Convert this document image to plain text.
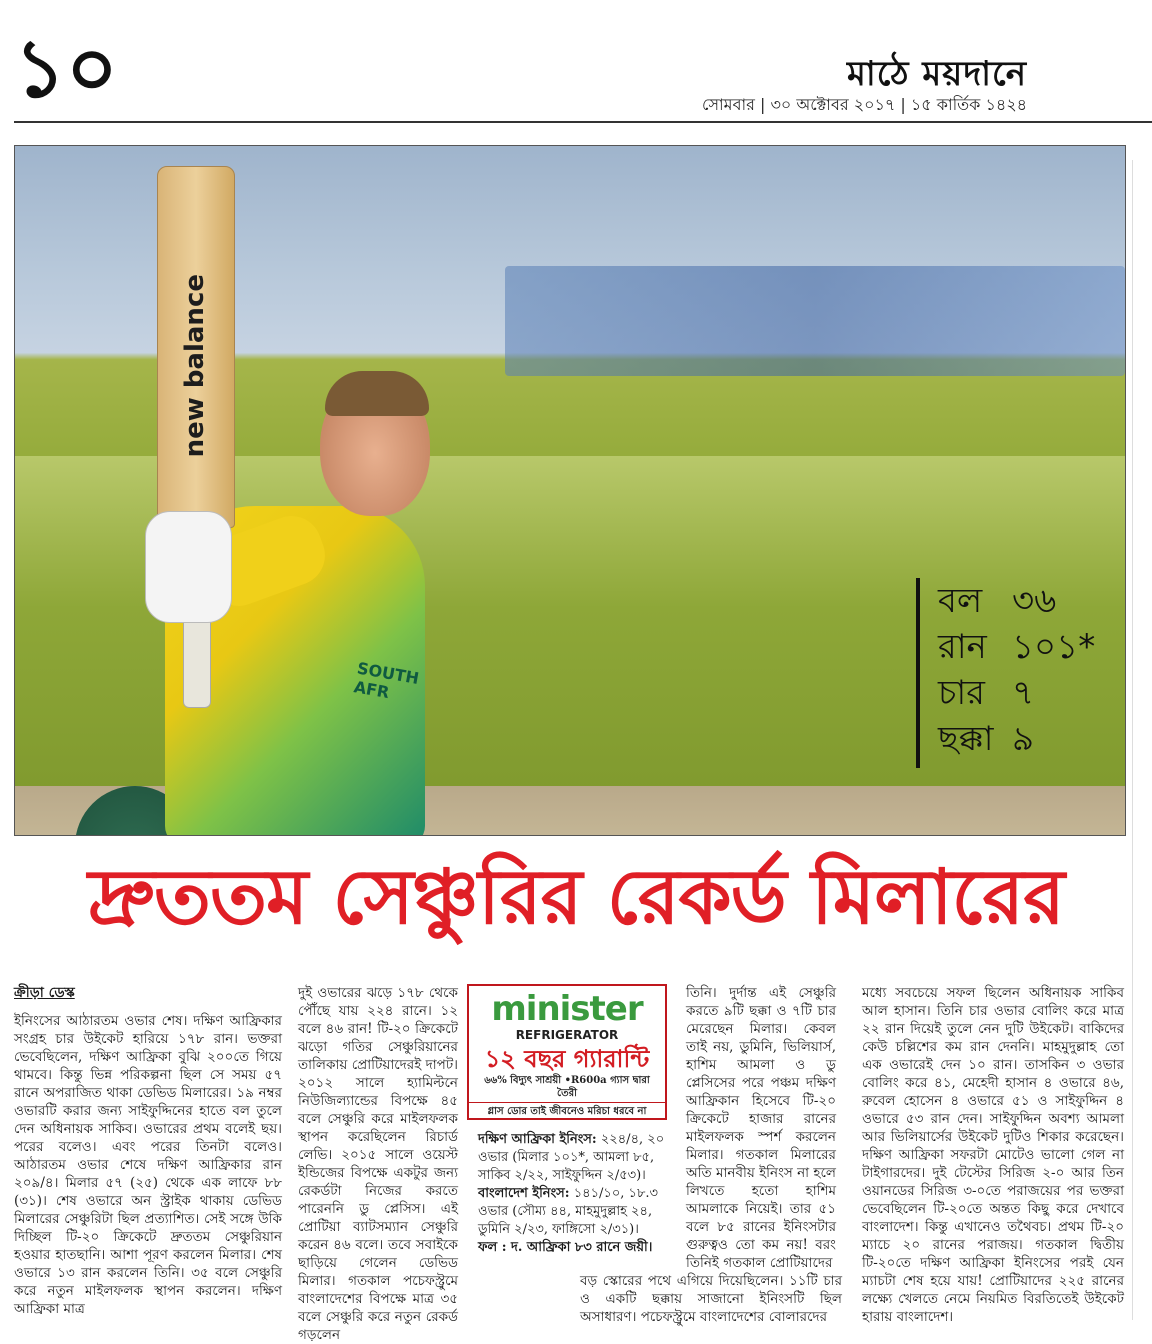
১০	মাঠে ময়দানে
সোমবার | ৩০ অক্টোবর ২০১৭ | ১৫ কার্তিক ১৪২৪
SOUTH AFR
new balance
বল ৩৬
রান ১০১*
চার ৭
ছক্কা ৯
দ্রুততম সেঞ্চুরির রেকর্ড মিলারের
ক্রীড়া ডেস্ক

ইনিংসের আঠারতম ওভার শেষ। দক্ষিণ আফ্রিকার সংগ্রহ চার উইকেট হারিয়ে ১৭৮ রান। ভক্তরা ভেবেছিলেন, দক্ষিণ আফ্রিকা বুঝি ২০০তে গিয়ে থামবে। কিন্তু ভিন্ন পরিকল্পনা ছিল সে সময় ৫৭ রানে অপরাজিত থাকা ডেভিড মিলারের। ১৯ নম্বর ওভারটি করার জন্য সাইফুদ্দিনের হাতে বল তুলে দেন অধিনায়ক সাকিব। ওভারের প্রথম বলেই ছয়। পরের বলেও। এবং পরের তিনটা বলেও। আঠারতম ওভার শেষে দক্ষিণ আফ্রিকার রান ২০৯/৪। মিলার ৫৭ (২৫) থেকে এক লাফে ৮৮ (৩১)। শেষ ওভারে অন স্ট্রাইক থাকায় ডেভিড মিলারের সেঞ্চুরিটা ছিল প্রত্যাশিত। সেই সঙ্গে উকি দিচ্ছিল টি-২০ ক্রিকেটে দ্রুততম সেঞ্চুরিয়ান হওয়ার হাতছানি। আশা পূরণ করলেন মিলার। শেষ ওভারে ১৩ রান করলেন তিনি। ৩৫ বলে সেঞ্চুরি করে নতুন মাইলফলক স্থাপন করলেন। দক্ষিণ আফ্রিকা মাত্র

দুই ওভারের ঝড়ে ১৭৮ থেকে পৌঁছে যায় ২২৪ রানে। ১২ বলে ৪৬ রান! টি-২০ ক্রিকেটে ঝড়ো গতির সেঞ্চুরিয়ানের তালিকায় প্রোটিয়াদেরই দাপট। ২০১২ সালে হ্যামিল্টনে নিউজিল্যান্ডের বিপক্ষে ৪৫ বলে সেঞ্চুরি করে মাইলফলক স্থাপন করেছিলেন রিচার্ড লেভি। ২০১৫ সালে ওয়েস্ট ইন্ডিজের বিপক্ষে একটুর জন্য রেকর্ডটা নিজের করতে পারেননি ডু প্লেসিস। এই প্রোটিয়া ব্যাটসম্যান সেঞ্চুরি করেন ৪৬ বলে। তবে সবাইকে ছাড়িয়ে গেলেন ডেভিড মিলার। গতকাল পচেফস্ট্রুমে বাংলাদেশের বিপক্ষে মাত্র ৩৫ বলে সেঞ্চুরি করে নতুন রেকর্ড গড়লেন

minister
REFRIGERATOR
১২ বছর গ্যারান্টি
৬৬% বিদ্যুৎ সাশ্রয়ী •R600a গ্যাস দ্বারা তৈরী
গ্লাস ডোর তাই জীবনেও মরিচা ধরবে না

দক্ষিণ আফ্রিকা ইনিংস: ২২৪/৪, ২০ ওভার (মিলার ১০১*, আমলা ৮৫, সাকিব ২/২২, সাইফুদ্দিন ২/৫৩)।

বাংলাদেশ ইনিংস: ১৪১/১০, ১৮.৩ ওভার (সৌম্য ৪৪, মাহমুদুল্লাহ ২৪, ডুমিনি ২/২৩, ফাঙ্গিসো ২/৩১)।

ফল : দ. আফ্রিকা ৮৩ রানে জয়ী।

তিনি। দুর্দান্ত এই সেঞ্চুরি করতে ৯টি ছক্কা ও ৭টি চার মেরেছেন মিলার। কেবল তাই নয়, ডুমিনি, ভিলিয়ার্স, হাশিম আমলা ও ডু প্লেসিসের পরে পঞ্চম দক্ষিণ আফ্রিকান হিসেবে টি-২০ ক্রিকেটে হাজার রানের মাইলফলক স্পর্শ করলেন মিলার। গতকাল মিলারের অতি মানবীয় ইনিংস না হলে লিখতে হতো হাশিম আমলাকে নিয়েই। তার ৫১ বলে ৮৫ রানের ইনিংসটার গুরুত্বও তো কম নয়! বরং তিনিই গতকাল প্রোটিয়াদের

বড় স্কোরের পথে এগিয়ে দিয়েছিলেন। ১১টি চার ও একটি ছক্কায় সাজানো ইনিংসটি ছিল অসাধারণ। পচেফস্ট্রুমে বাংলাদেশের বোলারদের

মধ্যে সবচেয়ে সফল ছিলেন অধিনায়ক সাকিব আল হাসান। তিনি চার ওভার বোলিং করে মাত্র ২২ রান দিয়েই তুলে নেন দুটি উইকেট। বাকিদের কেউ চল্লিশের কম রান দেননি। মাহমুদুল্লাহ তো এক ওভারেই দেন ১০ রান। তাসকিন ৩ ওভার বোলিং করে ৪১, মেহেদী হাসান ৪ ওভারে ৪৬, রুবেল হোসেন ৪ ওভারে ৫১ ও সাইফুদ্দিন ৪ ওভারে ৫৩ রান দেন। সাইফুদ্দিন অবশ্য আমলা আর ভিলিয়ার্সের উইকেট দুটিও শিকার করেছেন। দক্ষিণ আফ্রিকা সফরটা মোটেও ভালো গেল না টাইগারদের। দুই টেস্টের সিরিজ ২-০ আর তিন ওয়ানডের সিরিজ ৩-০তে পরাজয়ের পর ভক্তরা ভেবেছিলেন টি-২০তে অন্তত কিছু করে দেখাবে বাংলাদেশ। কিন্তু এখানেও তথৈবচ। প্রথম টি-২০ ম্যাচে ২০ রানের পরাজয়। গতকাল দ্বিতীয় টি-২০তে দক্ষিণ আফ্রিকা ইনিংসের পরই যেন ম্যাচটা শেষ হয়ে যায়! প্রোটিয়াদের ২২৫ রানের লক্ষ্যে খেলতে নেমে নিয়মিত বিরতিতেই উইকেট হারায় বাংলাদেশ।
